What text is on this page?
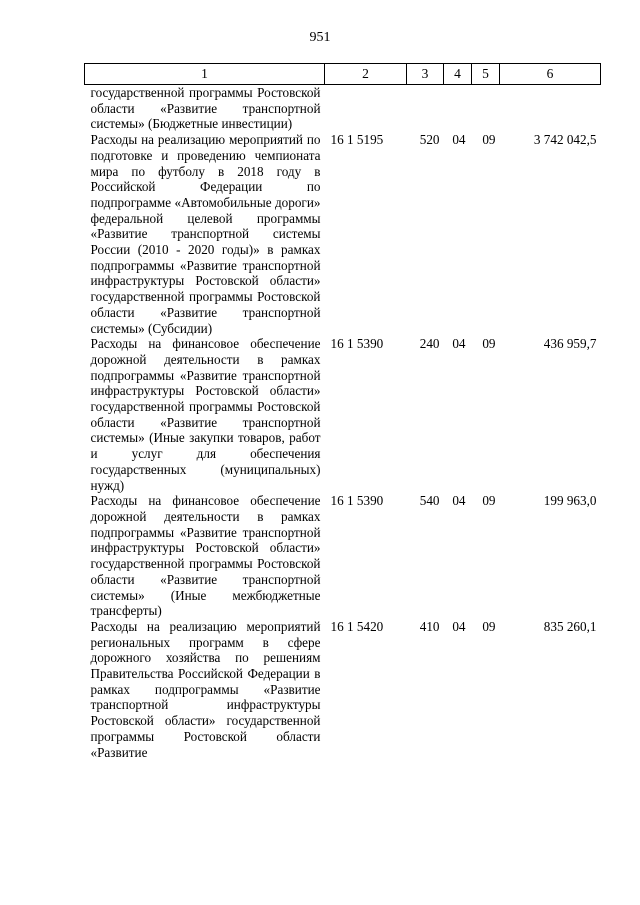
951
1	2	3	4	5	6
государственной программы Ростовской области «Развитие транспортной системы» (Бюджетные инвестиции)					
Расходы на реализацию мероприятий по подготовке и проведению чемпионата мира по футболу в 2018 году в Российской Федерации по подпрограмме «Автомобильные дороги» федеральной целевой программы «Развитие транспортной системы России (2010 - 2020 годы)» в рамках подпрограммы «Развитие транспортной инфраструктуры Ростовской области» государственной программы Ростовской области «Развитие транспортной системы» (Субсидии)	16 1 5195	520	04	09	3 742 042,5
Расходы на финансовое обеспечение дорожной деятельности в рамках подпрограммы «Развитие транспортной инфраструктуры Ростовской области» государственной программы Ростовской области «Развитие транспортной системы» (Иные закупки товаров, работ и услуг для обеспечения государственных (муниципальных) нужд)	16 1 5390	240	04	09	436 959,7
Расходы на финансовое обеспечение дорожной деятельности в рамках подпрограммы «Развитие транспортной инфраструктуры Ростовской области» государственной программы Ростовской области «Развитие транспортной системы» (Иные межбюджетные трансферты)	16 1 5390	540	04	09	199 963,0
Расходы на реализацию мероприятий региональных программ в сфере дорожного хозяйства по решениям Правительства Российской Федерации в рамках подпрограммы «Развитие транспортной инфраструктуры Ростовской области» государственной программы Ростовской области «Развитие	16 1 5420	410	04	09	835 260,1
